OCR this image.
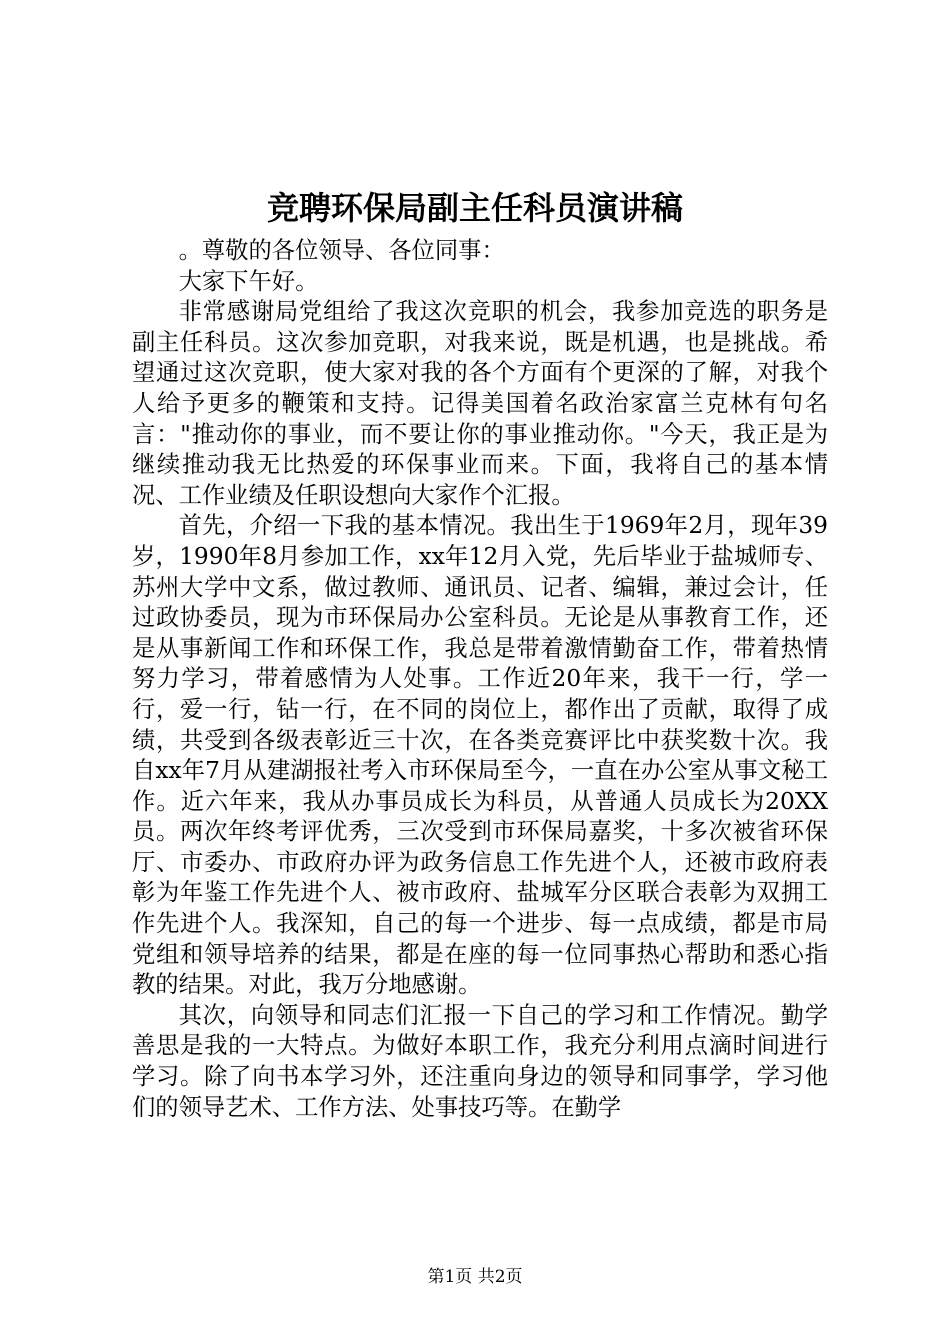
竞聘环保局副主任科员演讲稿

。尊敬的各位领导、各位同事：

大家下午好。

非常感谢局党组给了我这次竞职的机会，我参加竞选的职务是副主任科员。这次参加竞职，对我来说，既是机遇，也是挑战。希望通过这次竞职，使大家对我的各个方面有个更深的了解，对我个人给予更多的鞭策和支持。记得美国着名政治家富兰克林有句名言："推动你的事业，而不要让你的事业推动你。"今天，我正是为继续推动我无比热爱的环保事业而来。下面，我将自己的基本情况、工作业绩及任职设想向大家作个汇报。

首先，介绍一下我的基本情况。我出生于1969年2月，现年39岁，1990年8月参加工作，xx年12月入党，先后毕业于盐城师专、苏州大学中文系，做过教师、通讯员、记者、编辑，兼过会计，任过政协委员，现为市环保局办公室科员。无论是从事教育工作，还是从事新闻工作和环保工作，我总是带着激情勤奋工作，带着热情努力学习，带着感情为人处事。工作近20年来，我干一行，学一行，爱一行，钻一行，在不同的岗位上，都作出了贡献，取得了成绩，共受到各级表彰近三十次，在各类竞赛评比中获奖数十次。我自xx年7月从建湖报社考入市环保局至今，一直在办公室从事文秘工作。近六年来，我从办事员成长为科员，从普通人员成长为20XX员。两次年终考评优秀，三次受到市环保局嘉奖，十多次被省环保厅、市委办、市政府办评为政务信息工作先进个人，还被市政府表彰为年鉴工作先进个人、被市政府、盐城军分区联合表彰为双拥工作先进个人。我深知，自己的每一个进步、每一点成绩，都是市局党组和领导培养的结果，都是在座的每一位同事热心帮助和悉心指教的结果。对此，我万分地感谢。

其次，向领导和同志们汇报一下自己的学习和工作情况。勤学善思是我的一大特点。为做好本职工作，我充分利用点滴时间进行学习。除了向书本学习外，还注重向身边的领导和同事学，学习他们的领导艺术、工作方法、处事技巧等。在勤学

第1页 共2页
